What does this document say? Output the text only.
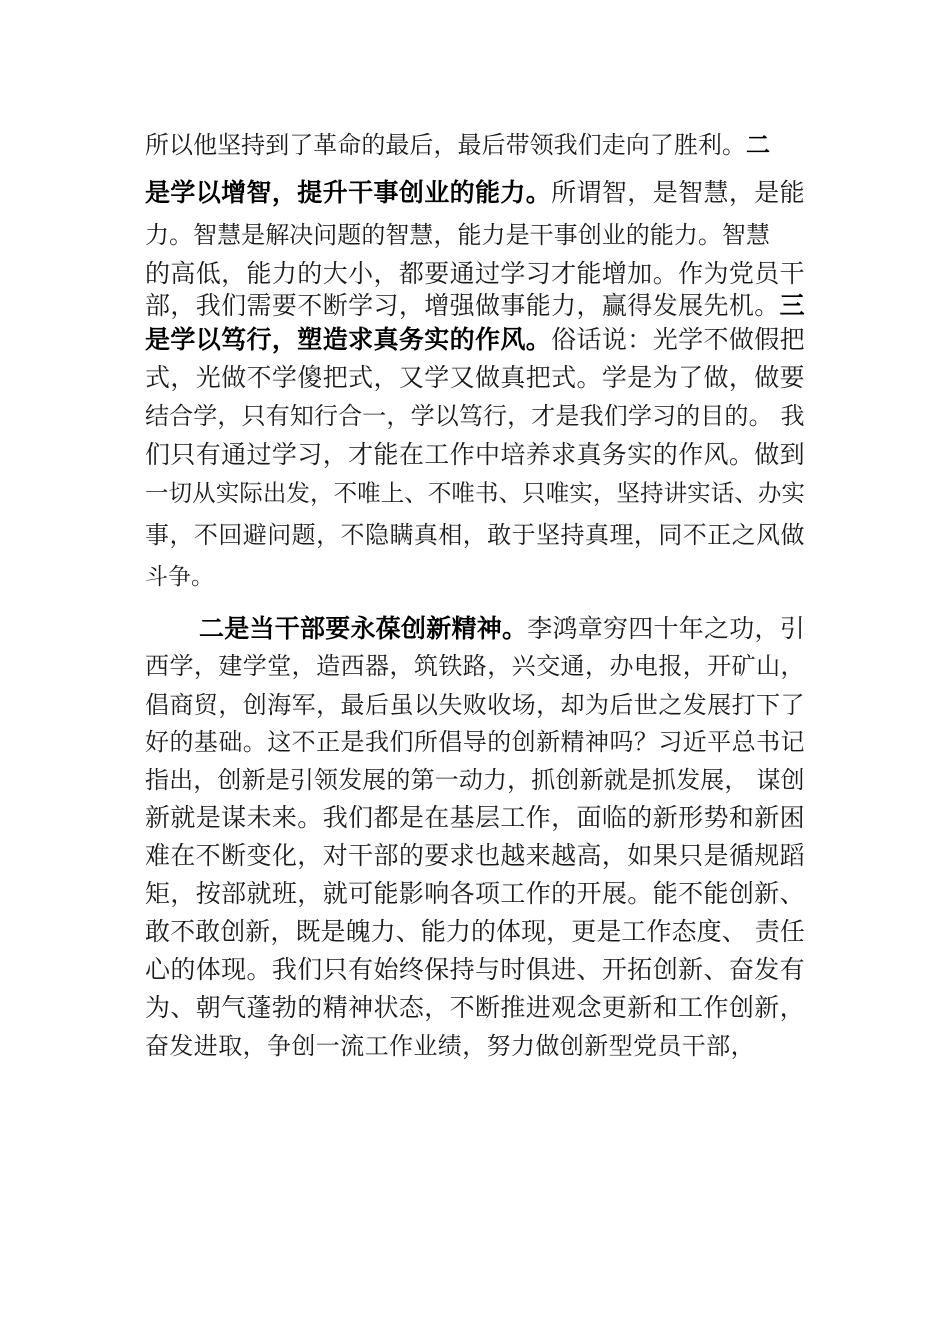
所以他坚持到了革命的最后，最后带领我们走向了胜利。二
是学以增智，提升干事创业的能力。所谓智，是智慧，是能
力。智慧是解决问题的智慧，能力是干事创业的能力。智慧
的高低，能力的大小，都要通过学习才能增加。作为党员干
部，我们需要不断学习，增强做事能力，赢得发展先机。三
是学以笃行，塑造求真务实的作风。俗话说：光学不做假把
式，光做不学傻把式，又学又做真把式。学是为了做，做要
结合学，只有知行合一，学以笃行，才是我们学习的目的。 我
们只有通过学习，才能在工作中培养求真务实的作风。做到
一切从实际出发，不唯上、不唯书、只唯实，坚持讲实话、办实
事，不回避问题，不隐瞒真相，敢于坚持真理，同不正之风做
斗争。
二是当干部要永葆创新精神。李鸿章穷四十年之功，引
西学，建学堂，造西器，筑铁路，兴交通，办电报，开矿山，
倡商贸，创海军，最后虽以失败收场，却为后世之发展打下了
好的基础。这不正是我们所倡导的创新精神吗？习近平总书记
指出，创新是引领发展的第一动力，抓创新就是抓发展， 谋创
新就是谋未来。我们都是在基层工作，面临的新形势和新困
难在不断变化，对干部的要求也越来越高，如果只是循规蹈
矩，按部就班，就可能影响各项工作的开展。能不能创新、
敢不敢创新，既是魄力、能力的体现，更是工作态度、 责任
心的体现。我们只有始终保持与时俱进、开拓创新、奋发有
为、朝气蓬勃的精神状态，不断推进观念更新和工作创新，
奋发进取，争创一流工作业绩，努力做创新型党员干部，
